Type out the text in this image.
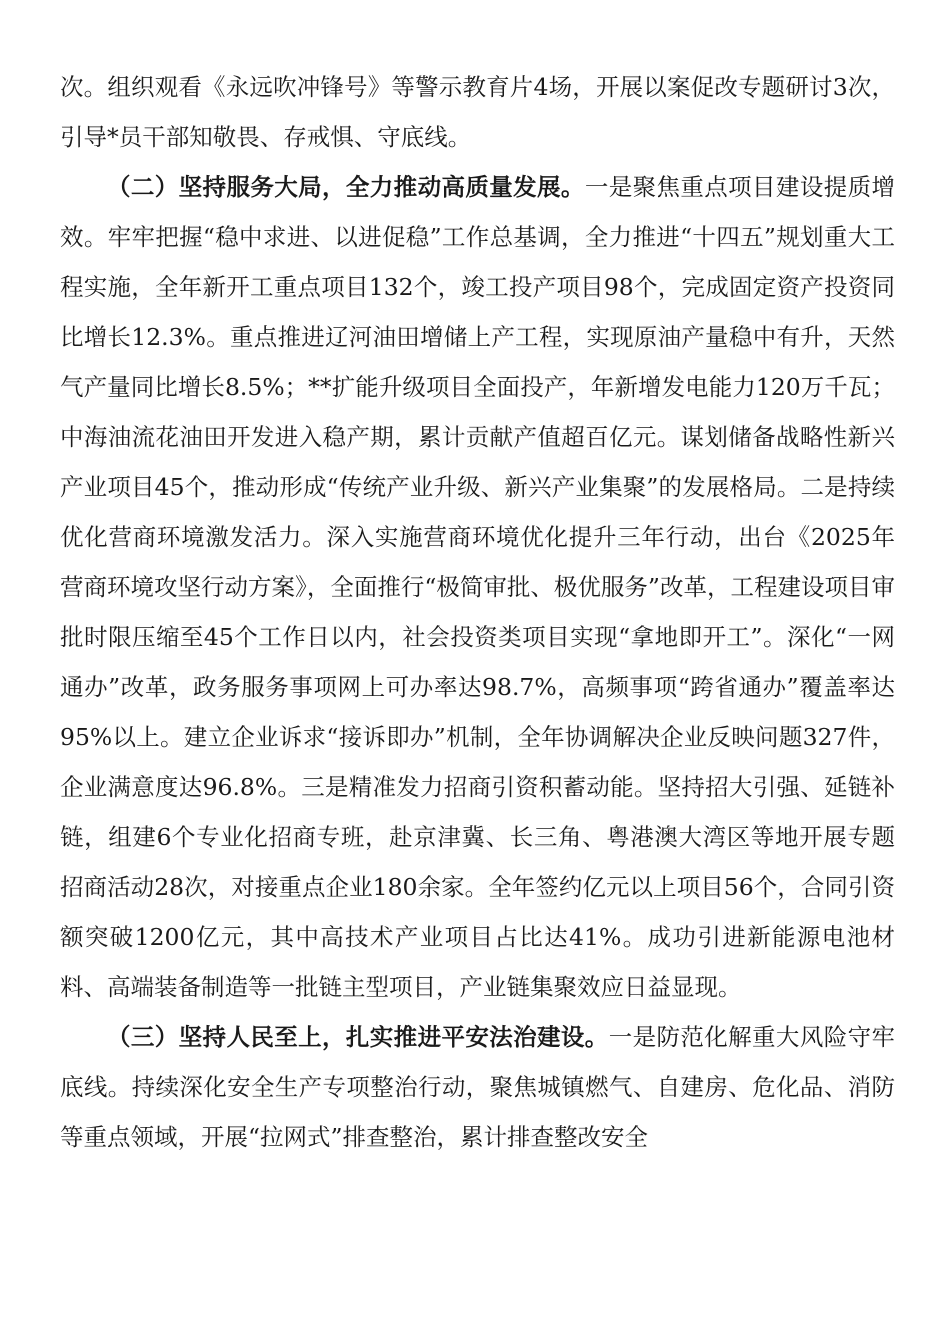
次。组织观看《永远吹冲锋号》等警示教育片4场，开展以案促改专题研讨3次，引导*员干部知敬畏、存戒惧、守底线。

（二）坚持服务大局，全力推动高质量发展。一是聚焦重点项目建设提质增效。牢牢把握“稳中求进、以进促稳”工作总基调，全力推进“十四五”规划重大工程实施，全年新开工重点项目132个，竣工投产项目98个，完成固定资产投资同比增长12.3%。重点推进辽河油田增储上产工程，实现原油产量稳中有升，天然气产量同比增长8.5%；**扩能升级项目全面投产，年新增发电能力120万千瓦；中海油流花油田开发进入稳产期，累计贡献产值超百亿元。谋划储备战略性新兴产业项目45个，推动形成“传统产业升级、新兴产业集聚”的发展格局。二是持续优化营商环境激发活力。深入实施营商环境优化提升三年行动，出台《2025年营商环境攻坚行动方案》，全面推行“极简审批、极优服务”改革，工程建设项目审批时限压缩至45个工作日以内，社会投资类项目实现“拿地即开工”。深化“一网通办”改革，政务服务事项网上可办率达98.7%，高频事项“跨省通办”覆盖率达95%以上。建立企业诉求“接诉即办”机制，全年协调解决企业反映问题327件，企业满意度达96.8%。三是精准发力招商引资积蓄动能。坚持招大引强、延链补链，组建6个专业化招商专班，赴京津冀、长三角、粤港澳大湾区等地开展专题招商活动28次，对接重点企业180余家。全年签约亿元以上项目56个，合同引资额突破1200亿元，其中高技术产业项目占比达41%。成功引进新能源电池材料、高端装备制造等一批链主型项目，产业链集聚效应日益显现。

（三）坚持人民至上，扎实推进平安法治建设。一是防范化解重大风险守牢底线。持续深化安全生产专项整治行动，聚焦城镇燃气、自建房、危化品、消防等重点领域，开展“拉网式”排查整治，累计排查整改安全
